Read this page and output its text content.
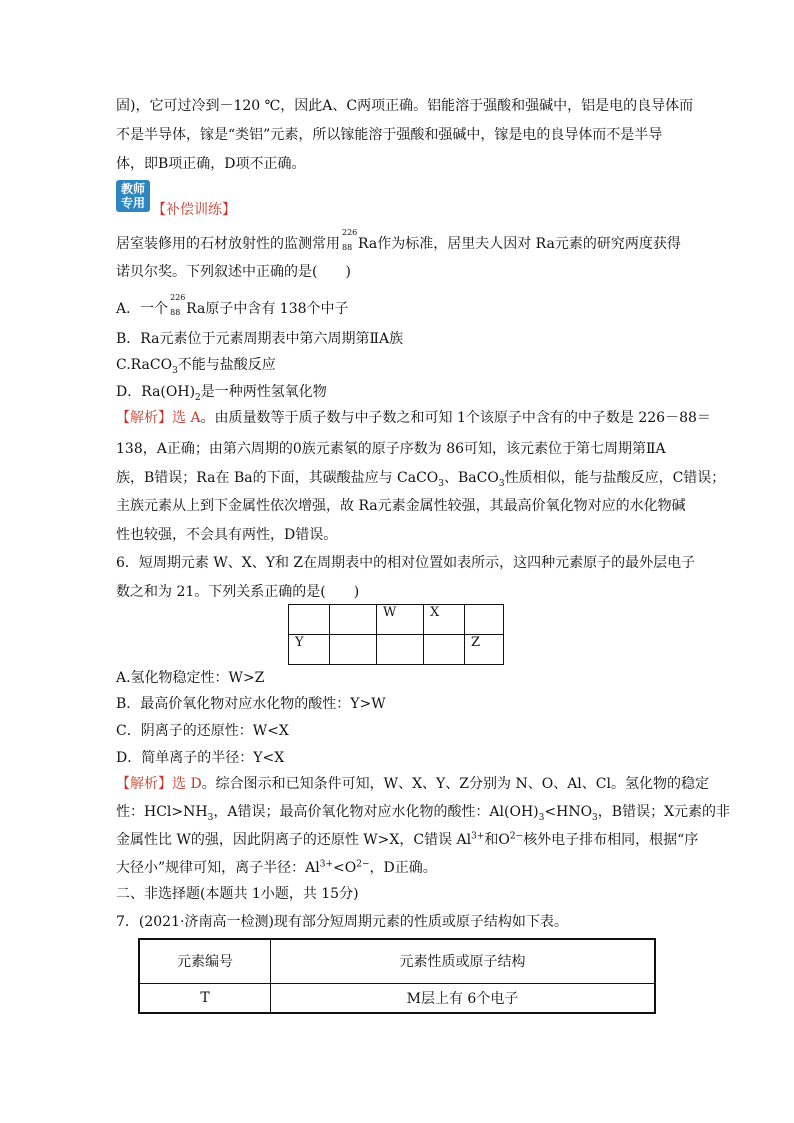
固)，它可过冷到－120 ℃，因此A、C两项正确。铝能溶于强酸和强碱中，铝是电的良导体而
不是半导体，镓是“类铝”元素，所以镓能溶于强酸和强碱中，镓是电的良导体而不是半导
体，即B项正确，D项不正确。
教师
专用 【补偿训练】
居室装修用的石材放射性的监测常用
226
88 Ra作为标准，居里夫人因对 Ra元素的研究两度获得
诺贝尔奖。下列叙述中正确的是(　　)
A．一个
226
88 Ra原子中含有 138个中子
B．Ra元素位于元素周期表中第六周期第ⅡA族
C.RaCO$_3$不能与盐酸反应
D．$Ra(OH)_2$是一种两性氢氧化物
【解析】选 A。由质量数等于质子数与中子数之和可知 1个该原子中含有的中子数是 226－88＝
138，A正确；由第六周期的0族元素氡的原子序数为 86可知，该元素位于第七周期第ⅡA
族，B错误；Ra在 Ba的下面，其碳酸盐应与 CaCO$_3$、BaCO$_3$性质相似，能与盐酸反应，C错误；
主族元素从上到下金属性依次增强，故 Ra元素金属性较强，其最高价氧化物对应的水化物碱
性也较强，不会具有两性，D错误。
6．短周期元素 W、X、Y和 Z在周期表中的相对位置如表所示，这四种元素原子的最外层电子
数之和为 21。下列关系正确的是(　　)
		W	X	
Y				Z
A.氢化物稳定性：W>Z
B．最高价氧化物对应水化物的酸性：Y>W
C．阴离子的还原性：W<X
D．简单离子的半径：Y<X
【解析】选 D。综合图示和已知条件可知，W、X、Y、Z分别为 N、O、Al、Cl。氢化物的稳定
性：$HCl>NH_3$，A错误；最高价氧化物对应水化物的酸性：$Al(OH)_3<HNO_3$，B错误；X元素的非
金属性比 W的强，因此阴离子的还原性 W>X，C错误 $Al^{3+}$和$O^{2-}$核外电子排布相同，根据“序
大径小”规律可知，离子半径：$Al^{3+}<O^{2-}$，D正确。
二、非选择题(本题共 1小题，共 15分)
7．(2021·济南高一检测)现有部分短周期元素的性质或原子结构如下表。
元素编号	元素性质或原子结构
T	M层上有 6个电子
